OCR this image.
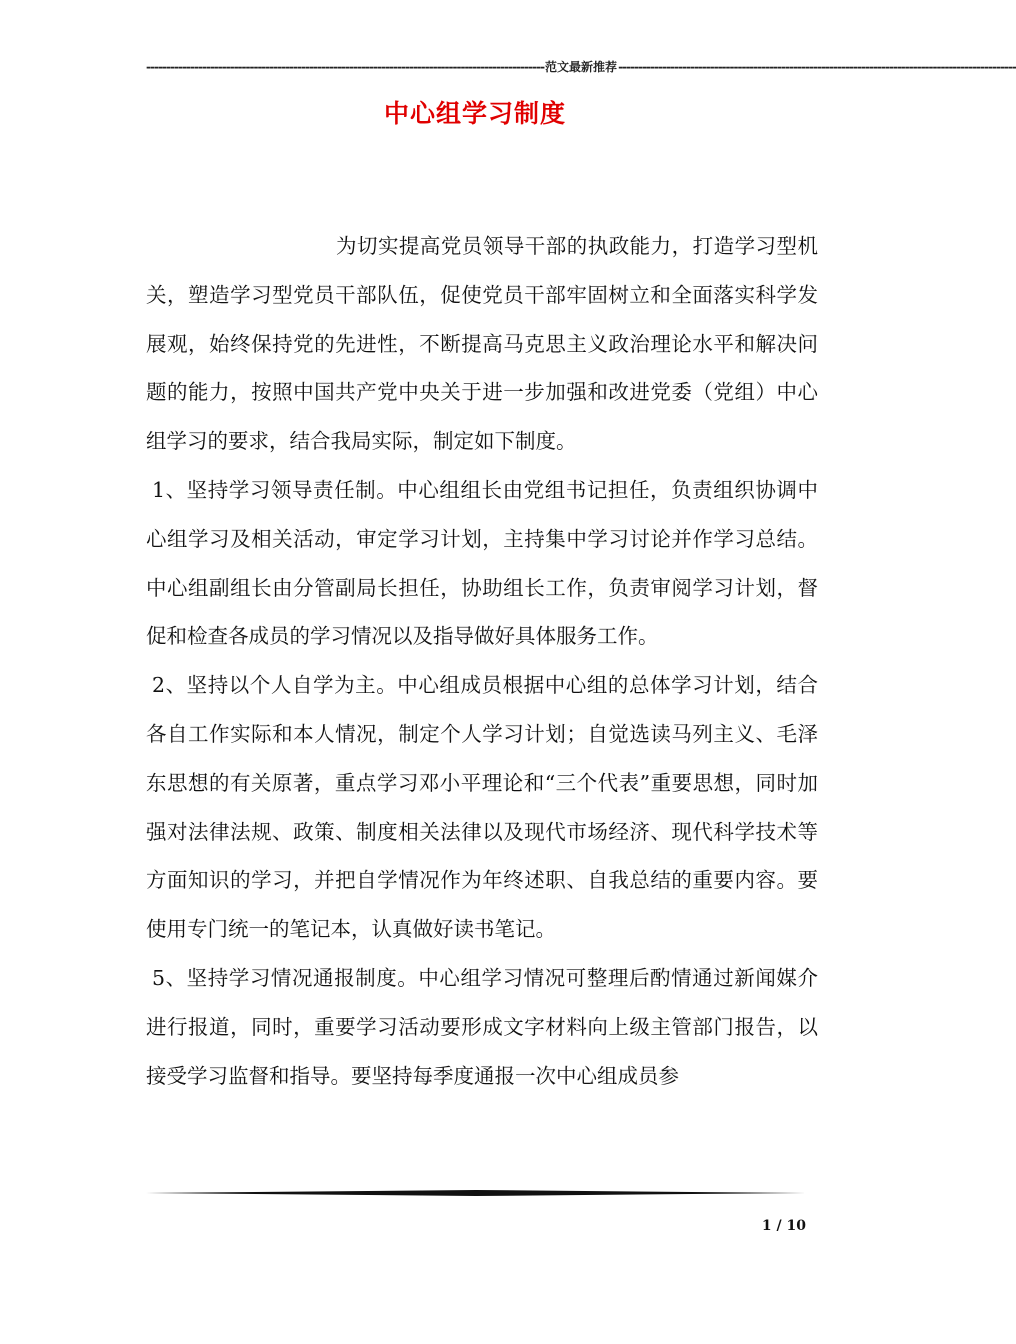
---------------------------------------------------------------------------------------------------- 范文最新推荐 ----------------------------------------------------------------------------------------------------
中心组学习制度

为切实提高党员领导干部的执政能力，打造学习型机关，塑造学习型党员干部队伍，促使党员干部牢固树立和全面落实科学发展观，始终保持党的先进性，不断提高马克思主义政治理论水平和解决问题的能力，按照中国共产党中央关于进一步加强和改进党委（党组）中心组学习的要求，结合我局实际，制定如下制度。

1、坚持学习领导责任制。中心组组长由党组书记担任，负责组织协调中心组学习及相关活动，审定学习计划，主持集中学习讨论并作学习总结。中心组副组长由分管副局长担任，协助组长工作，负责审阅学习计划，督促和检查各成员的学习情况以及指导做好具体服务工作。

2、坚持以个人自学为主。中心组成员根据中心组的总体学习计划，结合各自工作实际和本人情况，制定个人学习计划；自觉选读马列主义、毛泽东思想的有关原著，重点学习邓小平理论和“三个代表”重要思想，同时加强对法律法规、政策、制度相关法律以及现代市场经济、现代科学技术等方面知识的学习，并把自学情况作为年终述职、自我总结的重要内容。要使用专门统一的笔记本，认真做好读书笔记。

5、坚持学习情况通报制度。中心组学习情况可整理后酌情通过新闻媒介进行报道，同时，重要学习活动要形成文字材料向上级主管部门报告，以接受学习监督和指导。要坚持每季度通报一次中心组成员参

1 / 10
